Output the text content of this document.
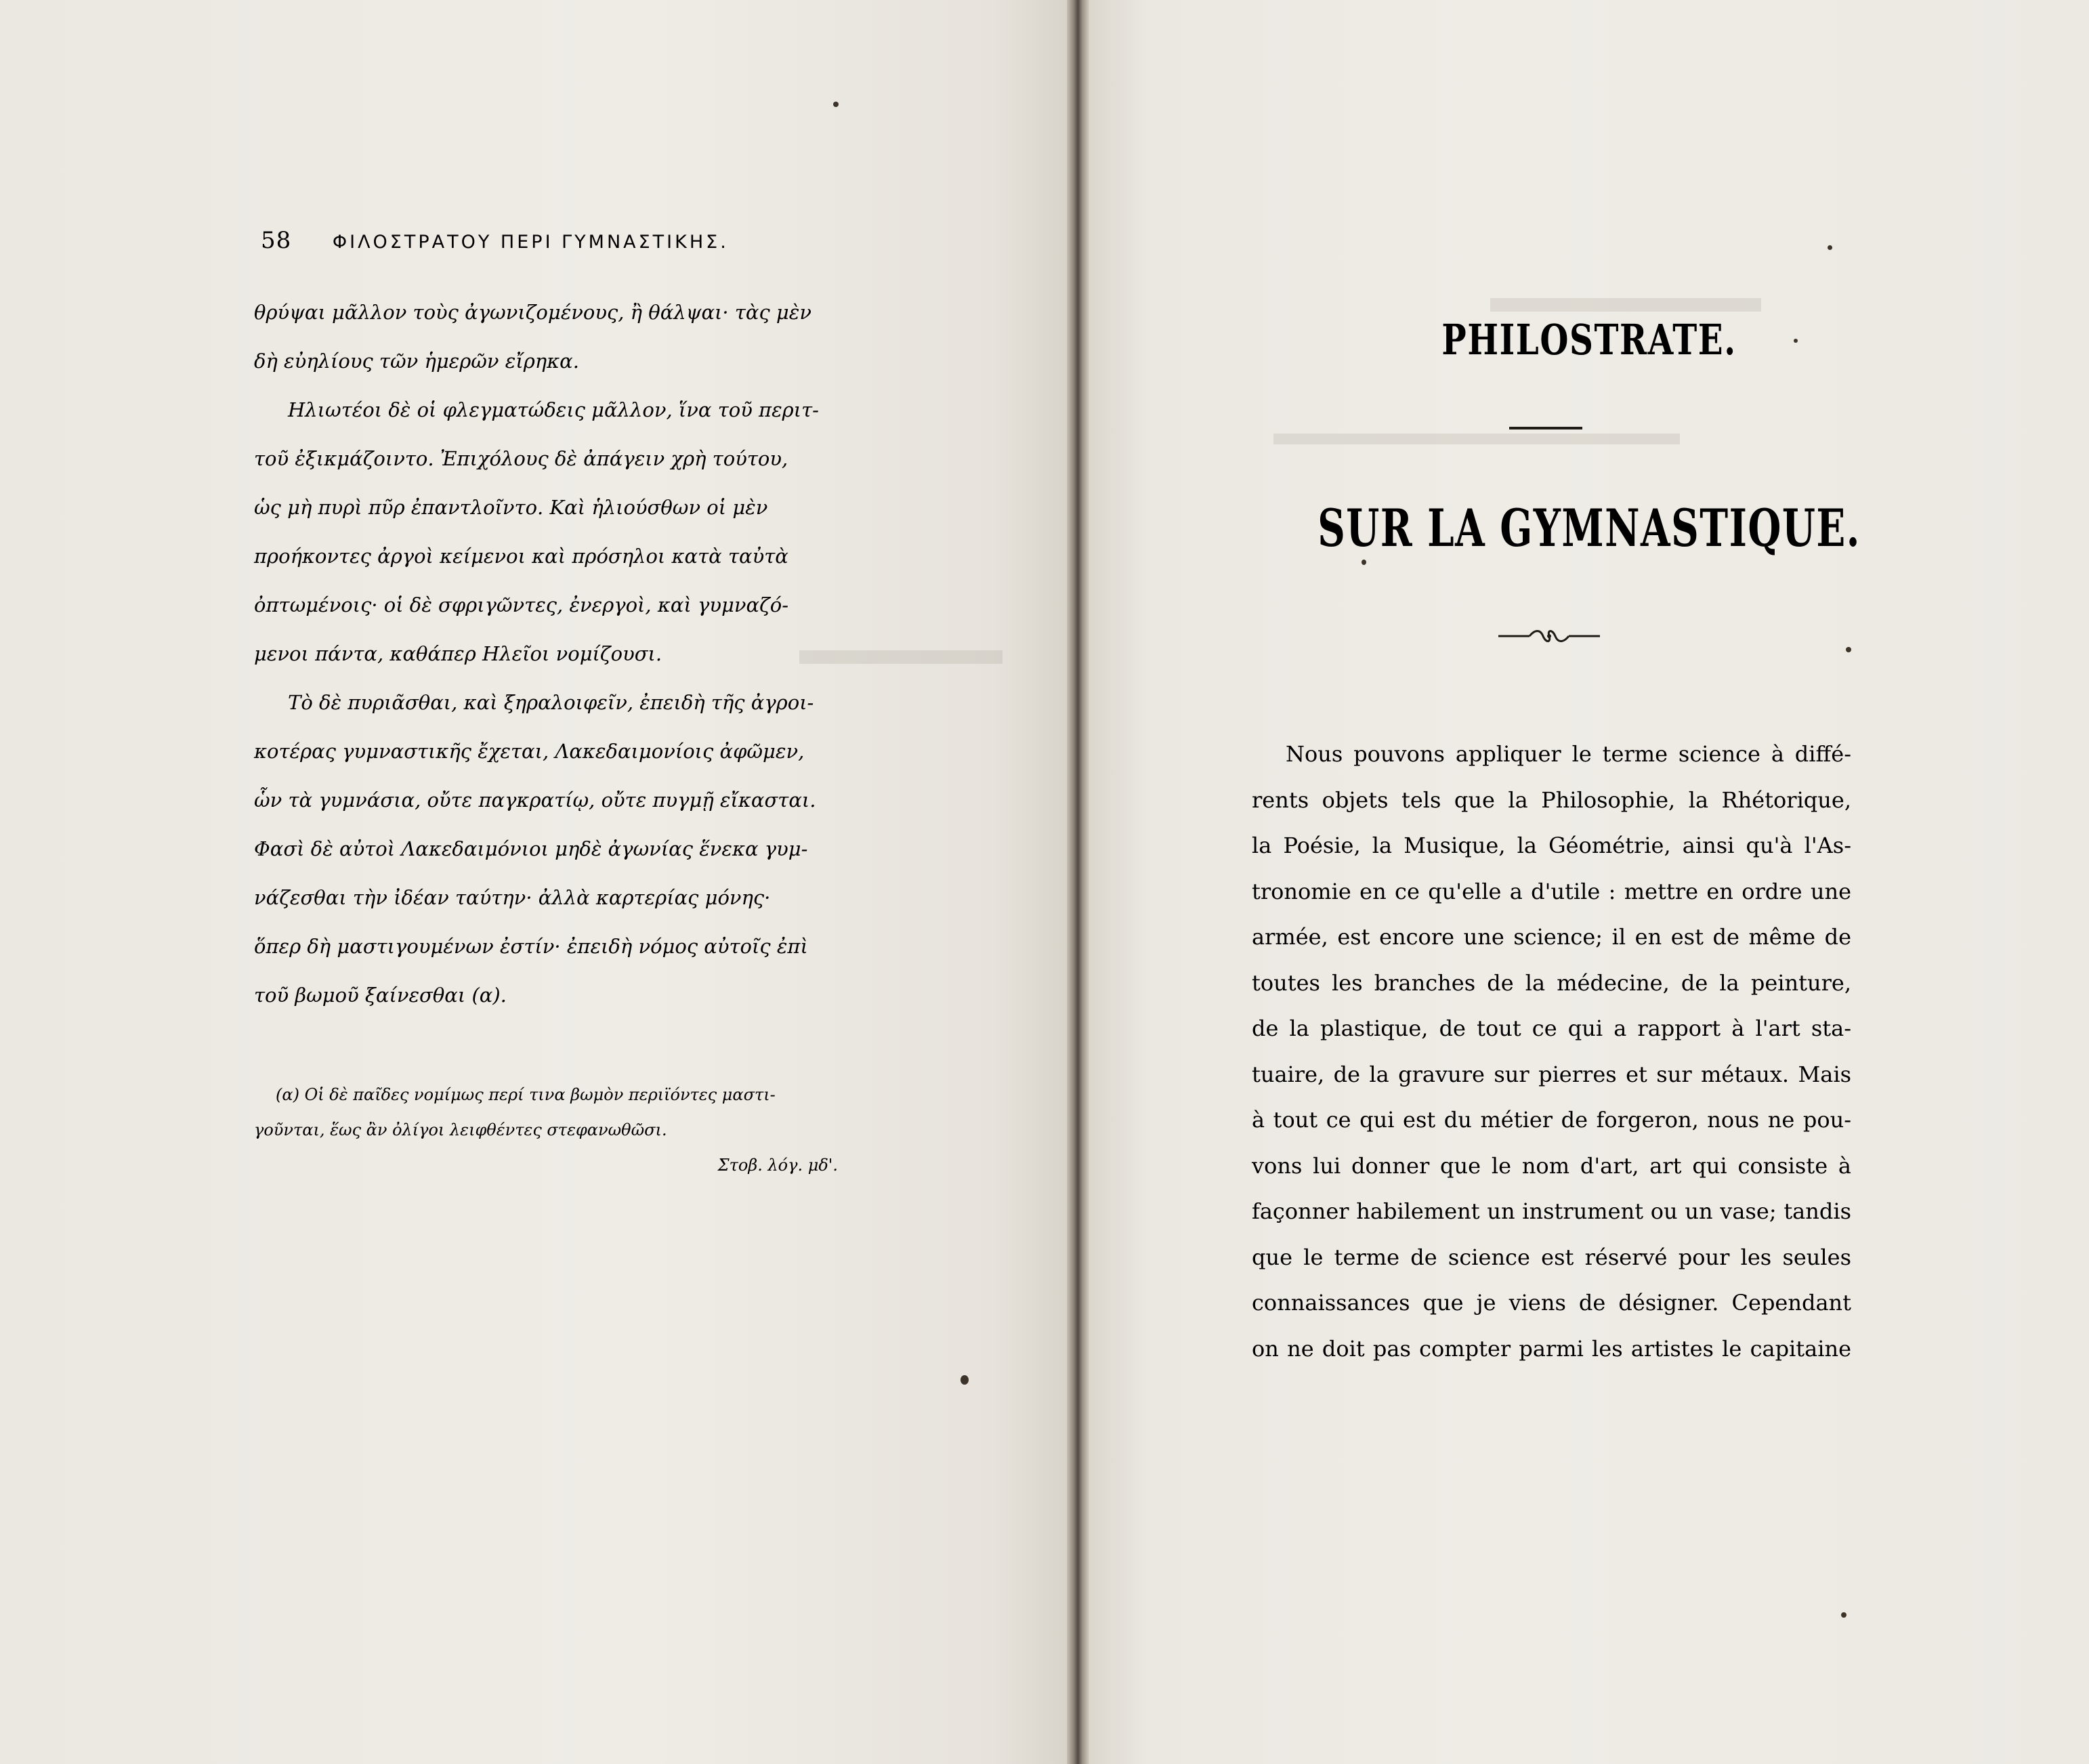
58 ΦΙΛΟΣΤΡΑΤΟΥ ΠΕΡΙ ΓΥΜΝΑΣΤΙΚΗΣ.
θρύψαι μᾶλλον τοὺς ἀγωνιζομένους, ἢ θάλψαι· τὰς μὲν
δὴ εὐηλίους τῶν ἡμερῶν εἴρηκα.
Ηλιωτέοι δὲ οἱ φλεγματώδεις μᾶλλον, ἵνα τοῦ περιτ-
τοῦ ἐξικμάζοιντο. Ἐπιχόλους δὲ ἀπάγειν χρὴ τούτου,
ὡς μὴ πυρὶ πῦρ ἐπαντλοῖντο. Καὶ ἡλιούσθων οἱ μὲν
προήκοντες ἀργοὶ κείμενοι καὶ πρόσηλοι κατὰ ταὐτὰ
ὀπτωμένοις· οἱ δὲ σφριγῶντες, ἐνεργοὶ, καὶ γυμναζό-
μενοι πάντα, καθάπερ Ηλεῖοι νομίζουσι.
Τὸ δὲ πυριᾶσθαι, καὶ ξηραλοιφεῖν, ἐπειδὴ τῆς ἀγροι-
κοτέρας γυμναστικῆς ἔχεται, Λακεδαιμονίοις ἀφῶμεν,
ὧν τὰ γυμνάσια, οὔτε παγκρατίῳ, οὔτε πυγμῇ εἴκασται.
Φασὶ δὲ αὐτοὶ Λακεδαιμόνιοι μηδὲ ἀγωνίας ἕνεκα γυμ-
νάζεσθαι τὴν ἰδέαν ταύτην· ἀλλὰ καρτερίας μόνης·
ὅπερ δὴ μαστιγουμένων ἐστίν· ἐπειδὴ νόμος αὐτοῖς ἐπὶ
τοῦ βωμοῦ ξαίνεσθαι (α).
(α) Οἱ δὲ παῖδες νομίμως περί τινα βωμὸν περιϊόντες μαστι-
γοῦνται, ἕως ἂν ὀλίγοι λειφθέντες στεφανωθῶσι.
Στοβ. λόγ. μδ'.
PHILOSTRATE.
SUR LA GYMNASTIQUE.
Nous pouvons appliquer le terme science à diffé-
rents objets tels que la Philosophie, la Rhétorique,
la Poésie, la Musique, la Géométrie, ainsi qu'à l'As-
tronomie en ce qu'elle a d'utile : mettre en ordre une
armée, est encore une science; il en est de même de
toutes les branches de la médecine, de la peinture,
de la plastique, de tout ce qui a rapport à l'art sta-
tuaire, de la gravure sur pierres et sur métaux. Mais
à tout ce qui est du métier de forgeron, nous ne pou-
vons lui donner que le nom d'art, art qui consiste à
façonner habilement un instrument ou un vase; tandis
que le terme de science est réservé pour les seules
connaissances que je viens de désigner. Cependant
on ne doit pas compter parmi les artistes le capitaine
